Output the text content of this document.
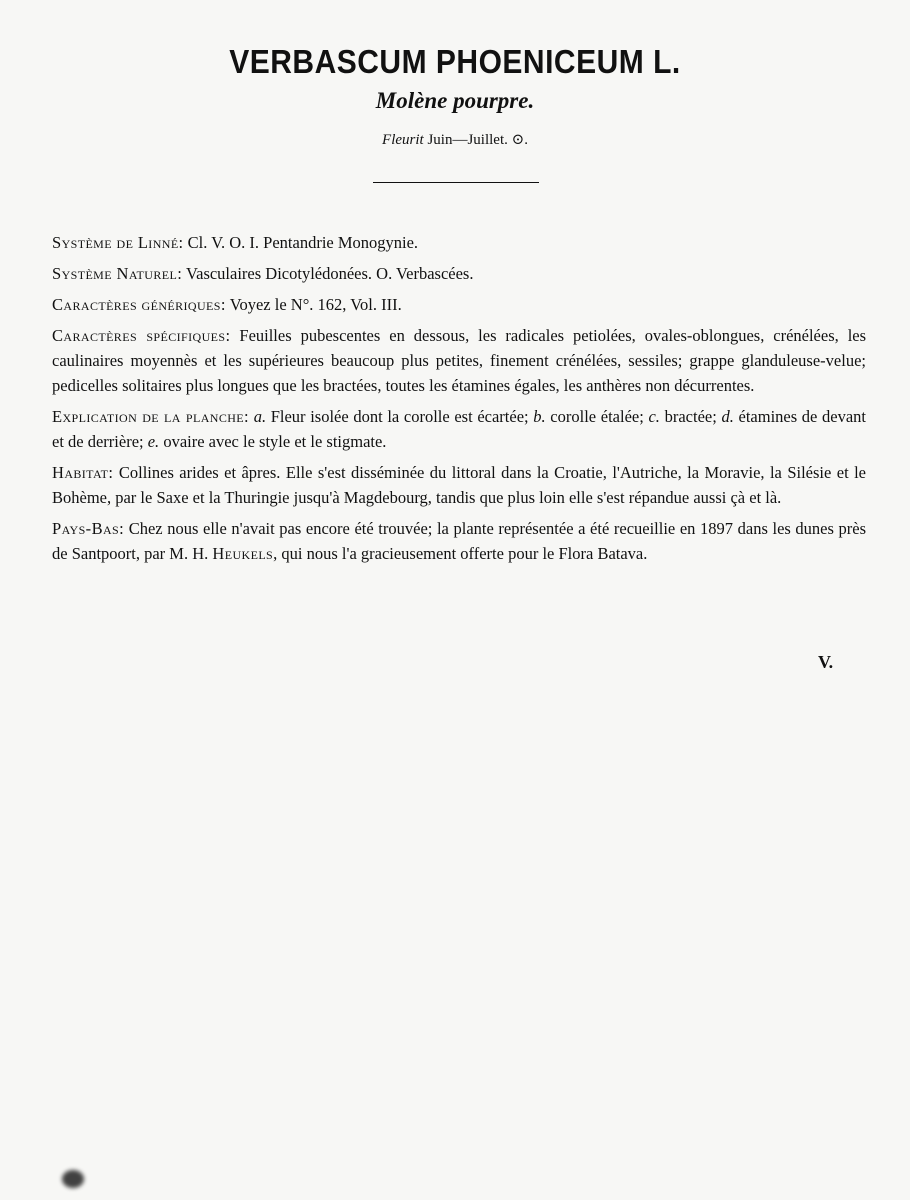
VERBASCUM PHOENICEUM L.
Molène pourpre.
Fleurit Juin—Juillet. ⊙.

Système de Linné: Cl. V. O. I. Pentandrie Monogynie.

Système Naturel: Vasculaires Dicotylédonées. O. Verbascées.

Caractères génériques: Voyez le N°. 162, Vol. III.

Caractères spécifiques: Feuilles pubescentes en dessous, les radicales petiolées, ovales-oblongues, crénélées, les caulinaires moyennès et les supérieures beaucoup plus petites, finement crénélées, sessiles; grappe glanduleuse-velue; pedicelles solitaires plus longues que les bractées, toutes les étamines égales, les anthères non décurrentes.

Explication de la planche: a. Fleur isolée dont la corolle est écartée; b. corolle étalée; c. bractée; d. étamines de devant et de derrière; e. ovaire avec le style et le stigmate.

Habitat: Collines arides et âpres. Elle s'est disséminée du littoral dans la Croatie, l'Autriche, la Moravie, la Silésie et le Bohème, par le Saxe et la Thuringie jusqu'à Magdebourg, tandis que plus loin elle s'est répandue aussi çà et là.

Pays-Bas: Chez nous elle n'avait pas encore été trouvée; la plante représentée a été recueillie en 1897 dans les dunes près de Santpoort, par M. H. Heukels, qui nous l'a gracieusement offerte pour le Flora Batava.

V.
